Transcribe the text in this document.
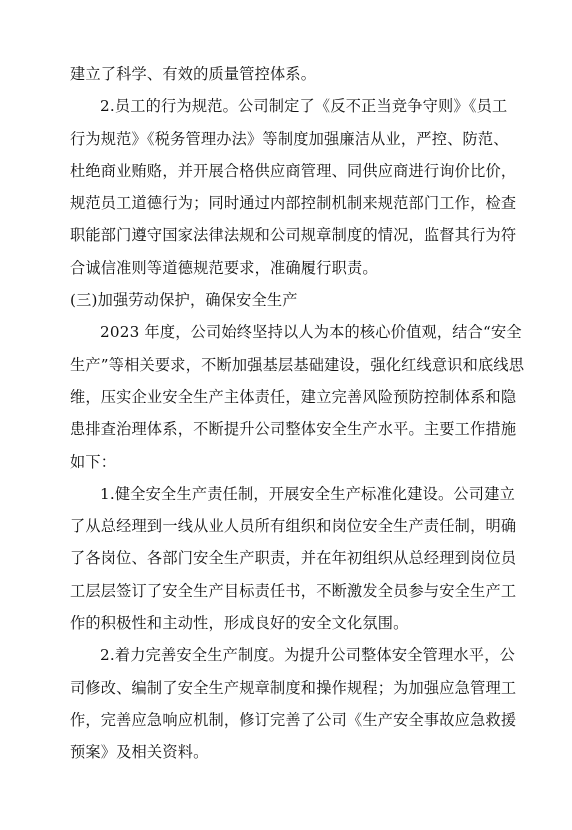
建立了科学、有效的质量管控体系。
2.员工的行为规范。公司制定了《反不正当竞争守则》《员工
行为规范》《税务管理办法》等制度加强廉洁从业，严控、防范、
杜绝商业贿赂，并开展合格供应商管理、同供应商进行询价比价，
规范员工道德行为；同时通过内部控制机制来规范部门工作，检查
职能部门遵守国家法律法规和公司规章制度的情况，监督其行为符
合诚信准则等道德规范要求，准确履行职责。
(三)加强劳动保护，确保安全生产
2023 年度，公司始终坚持以人为本的核心价值观，结合“安全
生产”等相关要求，不断加强基层基础建设，强化红线意识和底线思
维，压实企业安全生产主体责任，建立完善风险预防控制体系和隐
患排查治理体系，不断提升公司整体安全生产水平。主要工作措施
如下：
1.健全安全生产责任制，开展安全生产标准化建设。公司建立
了从总经理到一线从业人员所有组织和岗位安全生产责任制，明确
了各岗位、各部门安全生产职责，并在年初组织从总经理到岗位员
工层层签订了安全生产目标责任书，不断激发全员参与安全生产工
作的积极性和主动性，形成良好的安全文化氛围。
2.着力完善安全生产制度。为提升公司整体安全管理水平，公
司修改、编制了安全生产规章制度和操作规程；为加强应急管理工
作，完善应急响应机制，修订完善了公司《生产安全事故应急救援
预案》及相关资料。
